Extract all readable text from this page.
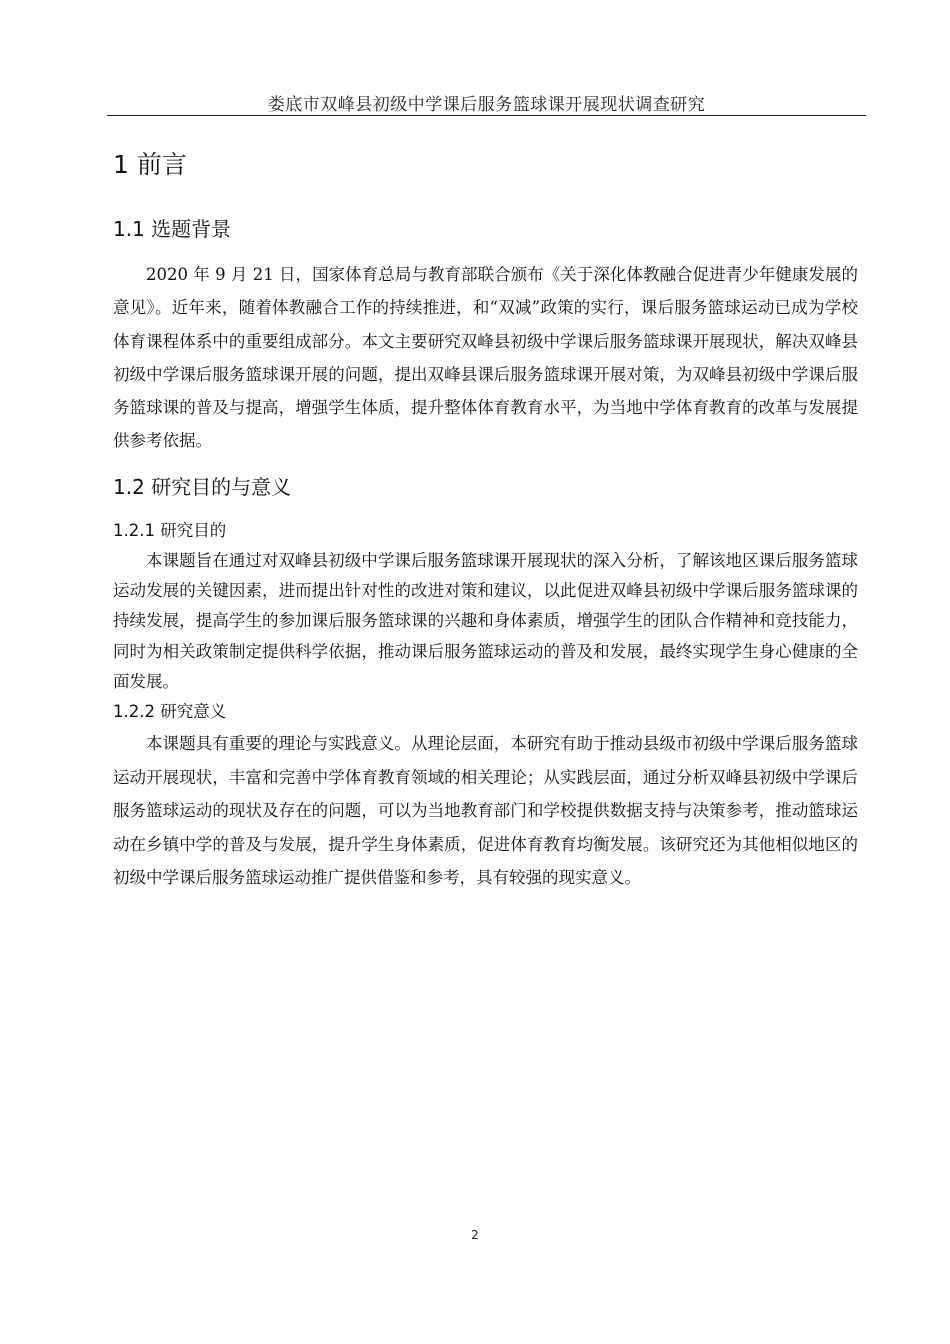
娄底市双峰县初级中学课后服务篮球课开展现状调查研究
1 前言
1.1 选题背景

2020 年 9 月 21 日，国家体育总局与教育部联合颁布《关于深化体教融合促进青少年健康发展的意见》。近年来，随着体教融合工作的持续推进，和“双减”政策的实行，课后服务篮球运动已成为学校体育课程体系中的重要组成部分。本文主要研究双峰县初级中学课后服务篮球课开展现状，解决双峰县初级中学课后服务篮球课开展的问题，提出双峰县课后服务篮球课开展对策，为双峰县初级中学课后服务篮球课的普及与提高，增强学生体质，提升整体体育教育水平，为当地中学体育教育的改革与发展提供参考依据。

1.2 研究目的与意义
1.2.1 研究目的

本课题旨在通过对双峰县初级中学课后服务篮球课开展现状的深入分析，了解该地区课后服务篮球运动发展的关键因素，进而提出针对性的改进对策和建议，以此促进双峰县初级中学课后服务篮球课的持续发展，提高学生的参加课后服务篮球课的兴趣和身体素质，增强学生的团队合作精神和竞技能力，同时为相关政策制定提供科学依据，推动课后服务篮球运动的普及和发展，最终实现学生身心健康的全面发展。

1.2.2 研究意义

本课题具有重要的理论与实践意义。从理论层面，本研究有助于推动县级市初级中学课后服务篮球运动开展现状，丰富和完善中学体育教育领域的相关理论；从实践层面，通过分析双峰县初级中学课后服务篮球运动的现状及存在的问题，可以为当地教育部门和学校提供数据支持与决策参考，推动篮球运动在乡镇中学的普及与发展，提升学生身体素质，促进体育教育均衡发展。该研究还为其他相似地区的初级中学课后服务篮球运动推广提供借鉴和参考，具有较强的现实意义。

2
